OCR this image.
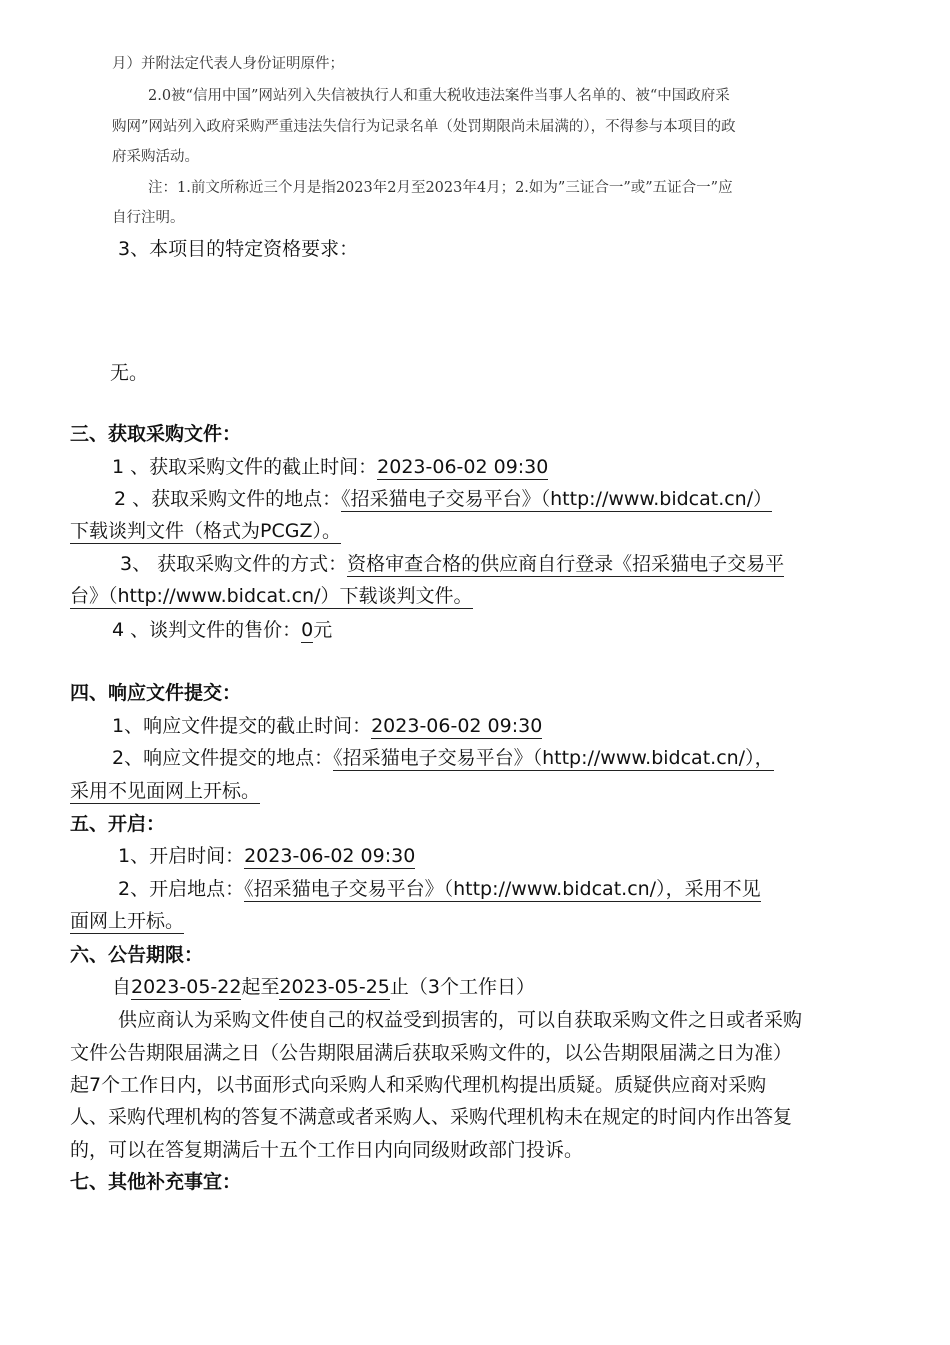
月）并附法定代表人身份证明原件；
2.0被“信用中国”网站列入失信被执行人和重大税收违法案件当事人名单的、被“中国政府采
购网”网站列入政府采购严重违法失信行为记录名单（处罚期限尚未届满的），不得参与本项目的政
府采购活动。
注：1.前文所称近三个月是指2023年2月至2023年4月；2.如为”三证合一”或”五证合一”应
自行注明。
3、本项目的特定资格要求：
无。
三、获取采购文件：
1 、获取采购文件的截止时间：2023-06-02 09:30
2 、获取采购文件的地点：《招采猫电子交易平台》（http://www.bidcat.cn/）
下载谈判文件（格式为PCGZ）。
3、 获取采购文件的方式：资格审查合格的供应商自行登录《招采猫电子交易平
台》（http://www.bidcat.cn/）下载谈判文件。
4 、谈判文件的售价：0元
四、响应文件提交：
1、响应文件提交的截止时间：2023-06-02 09:30
2、响应文件提交的地点：《招采猫电子交易平台》（http://www.bidcat.cn/），
采用不见面网上开标。
五、开启：
1、开启时间：2023-06-02 09:30
2、开启地点：《招采猫电子交易平台》（http://www.bidcat.cn/），采用不见
面网上开标。
六、公告期限：
自2023-05-22起至2023-05-25止（3个工作日）
供应商认为采购文件使自己的权益受到损害的，可以自获取采购文件之日或者采购
文件公告期限届满之日（公告期限届满后获取采购文件的，以公告期限届满之日为准）
起7个工作日内，以书面形式向采购人和采购代理机构提出质疑。质疑供应商对采购
人、采购代理机构的答复不满意或者采购人、采购代理机构未在规定的时间内作出答复
的，可以在答复期满后十五个工作日内向同级财政部门投诉。
七、其他补充事宜：
